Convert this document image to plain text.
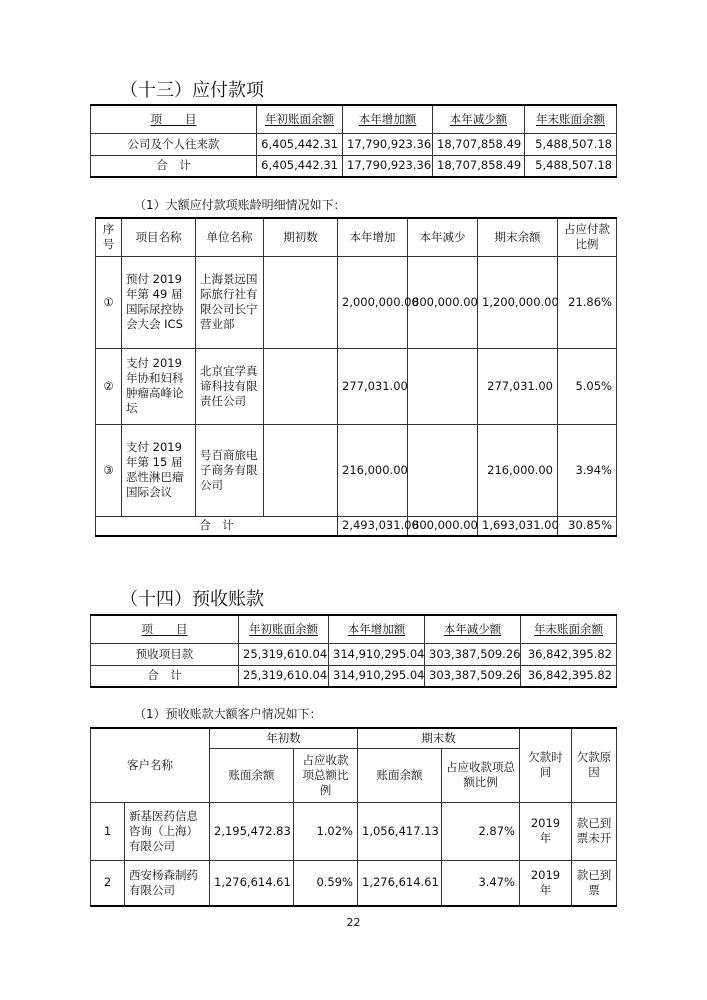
（十三）应付款项
项　　目	年初账面余额	本年增加额	本年减少额	年末账面余额
公司及个人往来款	6,405,442.31	17,790,923.36	18,707,858.49	5,488,507.18
合　计	6,405,442.31	17,790,923.36	18,707,858.49	5,488,507.18
（1）大额应付款项账龄明细情况如下：
序号	项目名称	单位名称	期初数	本年增加	本年减少	期末余额	占应付款比例
①	预付 2019 年第 49 届国际尿控协会大会 ICS	上海景远国际旅行社有限公司长宁营业部		2,000,000.00	800,000.00	1,200,000.00	21.86%
②	支付 2019 年协和妇科肿瘤高峰论坛	北京宜学真谛科技有限责任公司		277,031.00		277,031.00	5.05%
③	支付 2019 年第 15 届恶性淋巴瘤国际会议	号百商旅电子商务有限公司		216,000.00		216,000.00	3.94%
合　计				2,493,031.00	800,000.00	1,693,031.00	30.85%
（十四）预收账款
项　　目	年初账面余额	本年增加额	本年减少额	年末账面余额
预收项目款	25,319,610.04	314,910,295.04	303,387,509.26	36,842,395.82
合　计	25,319,610.04	314,910,295.04	303,387,509.26	36,842,395.82
（1）预收账款大额客户情况如下：
客户名称		年初数		期末数		欠款时间	欠款原因
		账面余额	占应收款项总额比例	账面余额	占应收款项总额比例		
1	新基医药信息咨询（上海）有限公司	2,195,472.83	1.02%	1,056,417.13	2.87%	2019 年	款已到票未开
2	西安杨森制药有限公司	1,276,614.61	0.59%	1,276,614.61	3.47%	2019 年	款已到票
22
